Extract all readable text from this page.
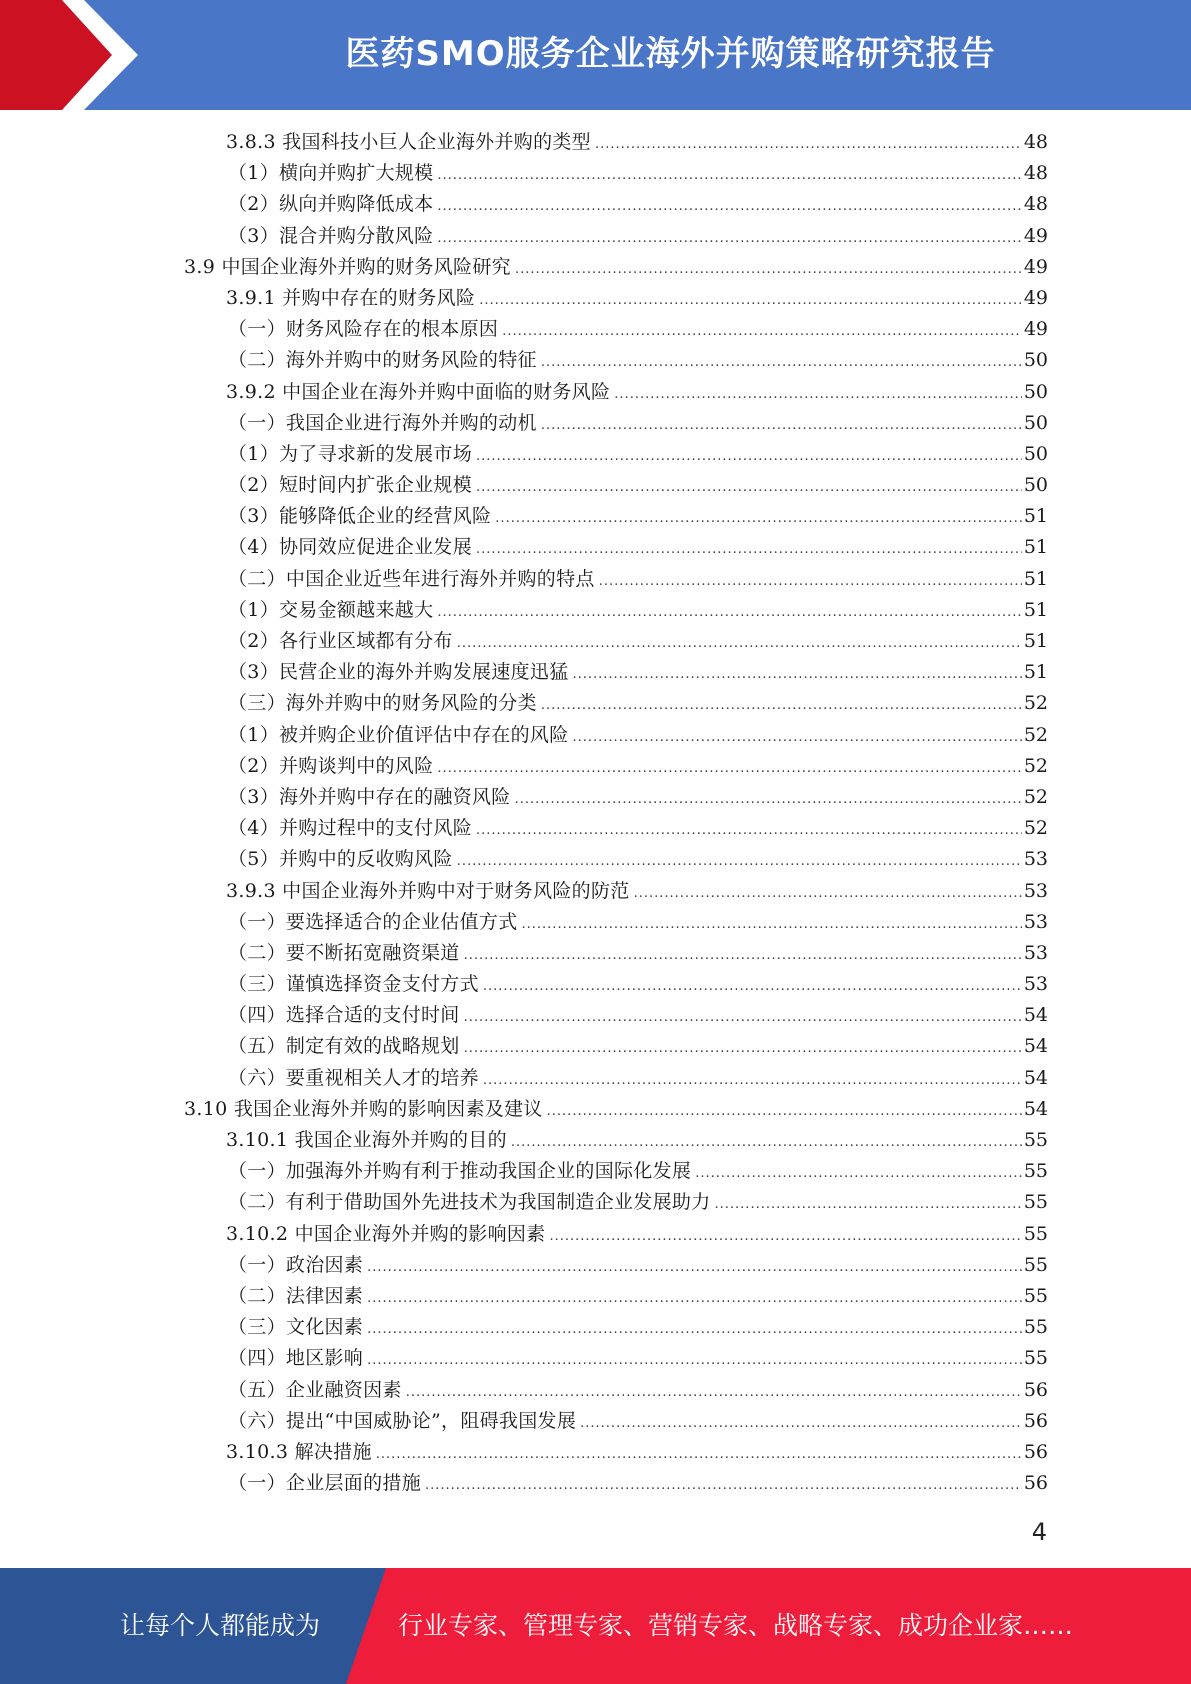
医药SMO服务企业海外并购策略研究报告
3.8.3 我国科技小巨人企业海外并购的类型 .....	48
（1）横向并购扩大规模 .....	48
（2）纵向并购降低成本 .....	48
（3）混合并购分散风险 .....	49
3.9 中国企业海外并购的财务风险研究 .....	49
3.9.1 并购中存在的财务风险 .....	49
（一）财务风险存在的根本原因 .....	49
（二）海外并购中的财务风险的特征 .....	50
3.9.2 中国企业在海外并购中面临的财务风险 .....	50
（一）我国企业进行海外并购的动机 .....	50
（1）为了寻求新的发展市场 .....	50
（2）短时间内扩张企业规模 .....	50
（3）能够降低企业的经营风险 .....	51
（4）协同效应促进企业发展 .....	51
（二）中国企业近些年进行海外并购的特点 .....	51
（1）交易金额越来越大 .....	51
（2）各行业区域都有分布 .....	51
（3）民营企业的海外并购发展速度迅猛 .....	51
（三）海外并购中的财务风险的分类 .....	52
（1）被并购企业价值评估中存在的风险 .....	52
（2）并购谈判中的风险 .....	52
（3）海外并购中存在的融资风险 .....	52
（4）并购过程中的支付风险 .....	52
（5）并购中的反收购风险 .....	53
3.9.3 中国企业海外并购中对于财务风险的防范 .....	53
（一）要选择适合的企业估值方式 .....	53
（二）要不断拓宽融资渠道 .....	53
（三）谨慎选择资金支付方式 .....	53
（四）选择合适的支付时间 .....	54
（五）制定有效的战略规划 .....	54
（六）要重视相关人才的培养 .....	54
3.10 我国企业海外并购的影响因素及建议 .....	54
3.10.1 我国企业海外并购的目的 .....	55
（一）加强海外并购有利于推动我国企业的国际化发展 .....	55
（二）有利于借助国外先进技术为我国制造企业发展助力 .....	55
3.10.2 中国企业海外并购的影响因素 .....	55
（一）政治因素 .....	55
（二）法律因素 .....	55
（三）文化因素 .....	55
（四）地区影响 .....	55
（五）企业融资因素 .....	56
（六）提出“中国威胁论”，阻碍我国发展 .....	56
3.10.3 解决措施 .....	56
（一）企业层面的措施 .....	56
4
让每个人都能成为	行业专家、管理专家、营销专家、战略专家、成功企业家……
